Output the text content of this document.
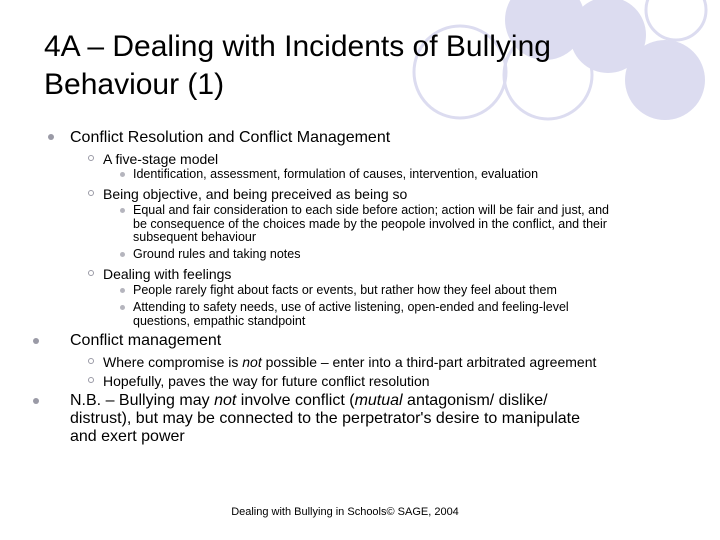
4A – Dealing with Incidents of Bullying Behaviour (1)
Conflict Resolution and Conflict Management
A five-stage model
Identification, assessment, formulation of causes, intervention, evaluation
Being objective, and being preceived as being so
Equal and fair consideration to each side before action; action will be fair and just, and
be consequence of the choices made by the peopole involved in the conflict, and their
subsequent behaviour
Ground rules and taking notes
Dealing with feelings
People rarely fight about facts or events, but rather how they feel about them
Attending to safety needs, use of active listening, open-ended and feeling-level
questions, empathic standpoint
Conflict management
Where compromise is not possible – enter into a third-part arbitrated agreement
Hopefully, paves the way for future conflict resolution
N.B. – Bullying may not involve conflict (mutual antagonism/ dislike/
distrust), but may be connected to the perpetrator's desire to manipulate
and exert power
Dealing with Bullying in Schools© SAGE, 2004
